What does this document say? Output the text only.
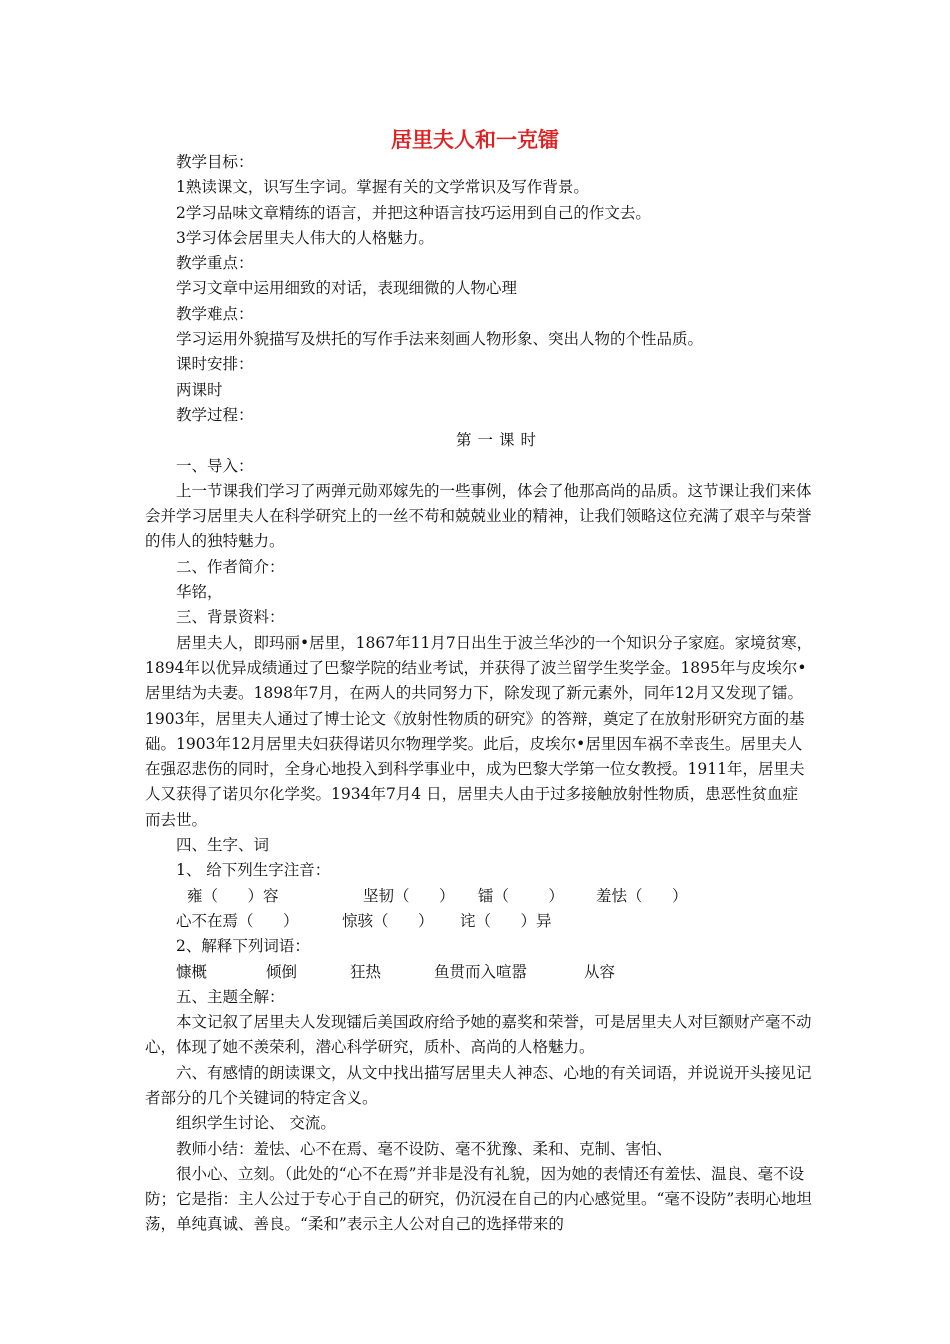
居里夫人和一克镭

教学目标：

1熟读课文，识写生字词。掌握有关的文学常识及写作背景。

2学习品味文章精练的语言，并把这种语言技巧运用到自己的作文去。

3学习体会居里夫人伟大的人格魅力。

教学重点：

学习文章中运用细致的对话，表现细微的人物心理

教学难点：

学习运用外貌描写及烘托的写作手法来刻画人物形象、突出人物的个性品质。

课时安排：

两课时

教学过程：

第一课时

一、导入：

上一节课我们学习了两弹元勋邓嫁先的一些事例，体会了他那高尚的品质。这节课让我们来体会并学习居里夫人在科学研究上的一丝不苟和兢兢业业的精神，让我们领略这位充满了艰辛与荣誉的伟人的独特魅力。

二、作者简介：

华铭，

三、背景资料：

居里夫人，即玛丽•居里，1867年11月7日出生于波兰华沙的一个知识分子家庭。家境贫寒，1894年以优异成绩通过了巴黎学院的结业考试，并获得了波兰留学生奖学金。1895年与皮埃尔•居里结为夫妻。1898年7月，在两人的共同努力下，除发现了新元素外，同年12月又发现了镭。1903年，居里夫人通过了博士论文《放射性物质的研究》的答辩，奠定了在放射形研究方面的基础。1903年12月居里夫妇获得诺贝尔物理学奖。此后，皮埃尔•居里因车祸不幸丧生。居里夫人在强忍悲伤的同时，全身心地投入到科学事业中，成为巴黎大学第一位女教授。1911年，居里夫人又获得了诺贝尔化学奖。1934年7月4 日，居里夫人由于过多接触放射性物质，患恶性贫血症而去世。

四、生字、词

1、 给下列生字注音：

雍（      ）容	坚韧（      ） 镭（        ） 羞怯（      ）

心不在焉（      ）	惊骇（      ） 诧（      ）异

2、解释下列词语：

慷概	倾倒	狂热	鱼贯而入喧嚣	从容

五、主题全解：

本文记叙了居里夫人发现镭后美国政府给予她的嘉奖和荣誉，可是居里夫人对巨额财产毫不动心，体现了她不羡荣利，潜心科学研究，质朴、高尚的人格魅力。

六、有感情的朗读课文，从文中找出描写居里夫人神态、心地的有关词语，并说说开头接见记者部分的几个关键词的特定含义。

组织学生讨论、 交流。

教师小结：羞怯、心不在焉、毫不设防、毫不犹豫、柔和、克制、害怕、

很小心、立刻。（此处的“心不在焉”并非是没有礼貌，因为她的表情还有羞怯、温良、毫不设防；它是指：主人公过于专心于自己的研究，仍沉浸在自己的内心感觉里。“毫不设防”表明心地坦荡，单纯真诚、善良。“柔和”表示主人公对自己的选择带来的
